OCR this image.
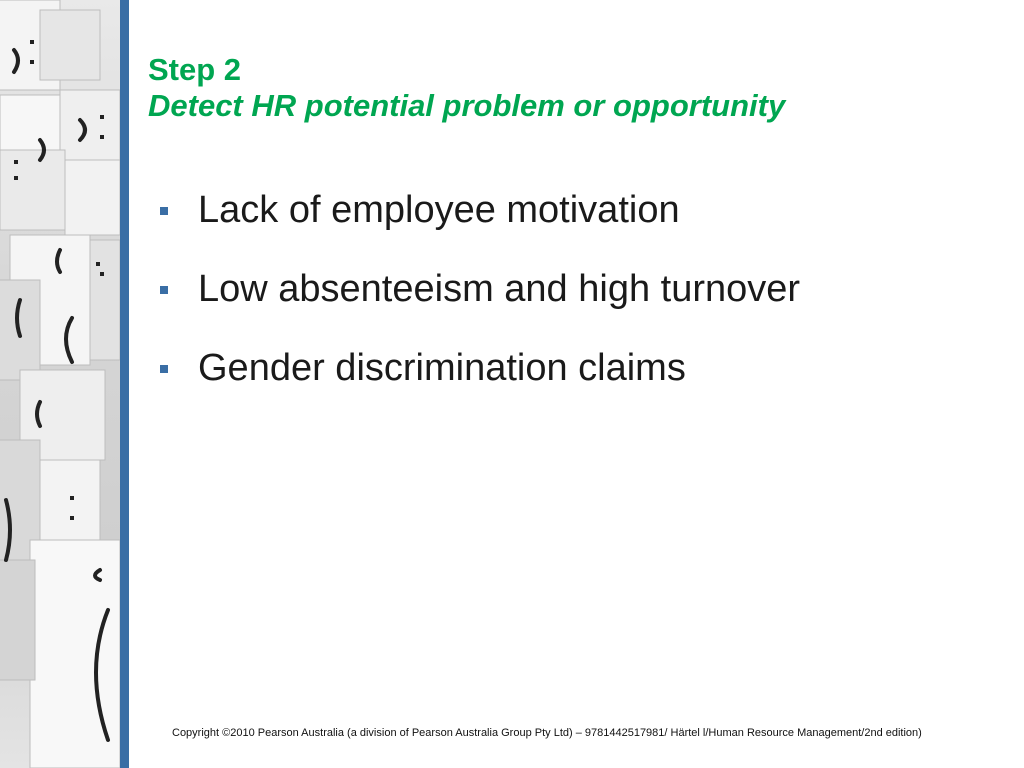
Step 2
Detect HR potential problem or opportunity
Lack of employee motivation
Low absenteeism and high turnover
Gender discrimination claims
Copyright ©2010 Pearson Australia (a division of Pearson Australia Group Pty Ltd) – 9781442517981/ Härtel l/Human Resource Management/2nd edition)
